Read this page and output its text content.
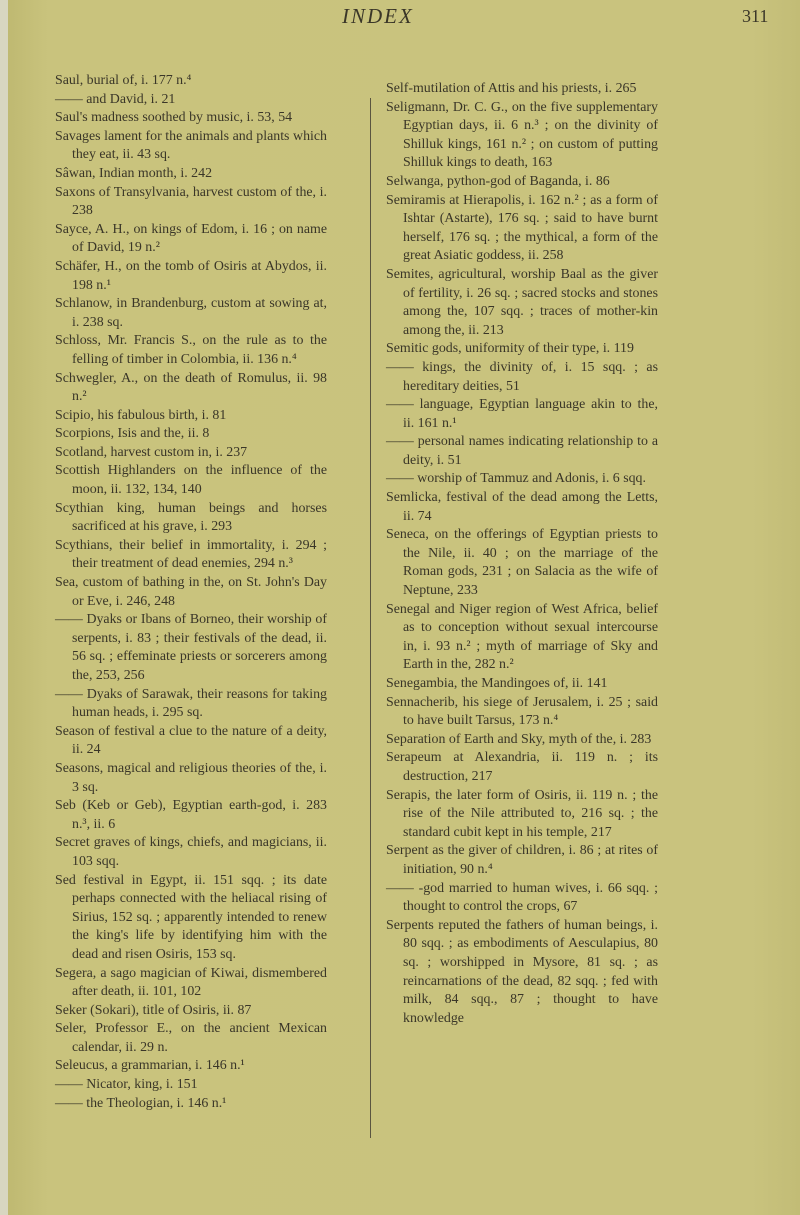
INDEX	311

Saul, burial of, i. 177 n.⁴

—— and David, i. 21

Saul's madness soothed by music, i. 53, 54

Savages lament for the animals and plants which they eat, ii. 43 sq.

Sâwan, Indian month, i. 242

Saxons of Transylvania, harvest custom of the, i. 238

Sayce, A. H., on kings of Edom, i. 16 ; on name of David, 19 n.²

Schäfer, H., on the tomb of Osiris at Abydos, ii. 198 n.¹

Schlanow, in Brandenburg, custom at sowing at, i. 238 sq.

Schloss, Mr. Francis S., on the rule as to the felling of timber in Colombia, ii. 136 n.⁴

Schwegler, A., on the death of Romulus, ii. 98 n.²

Scipio, his fabulous birth, i. 81

Scorpions, Isis and the, ii. 8

Scotland, harvest custom in, i. 237

Scottish Highlanders on the influence of the moon, ii. 132, 134, 140

Scythian king, human beings and horses sacrificed at his grave, i. 293

Scythians, their belief in immortality, i. 294 ; their treatment of dead enemies, 294 n.³

Sea, custom of bathing in the, on St. John's Day or Eve, i. 246, 248

—— Dyaks or Ibans of Borneo, their worship of serpents, i. 83 ; their festivals of the dead, ii. 56 sq. ; effeminate priests or sorcerers among the, 253, 256

—— Dyaks of Sarawak, their reasons for taking human heads, i. 295 sq.

Season of festival a clue to the nature of a deity, ii. 24

Seasons, magical and religious theories of the, i. 3 sq.

Seb (Keb or Geb), Egyptian earth-god, i. 283 n.³, ii. 6

Secret graves of kings, chiefs, and magicians, ii. 103 sqq.

Sed festival in Egypt, ii. 151 sqq. ; its date perhaps connected with the heliacal rising of Sirius, 152 sq. ; apparently intended to renew the king's life by identifying him with the dead and risen Osiris, 153 sq.

Segera, a sago magician of Kiwai, dismembered after death, ii. 101, 102

Seker (Sokari), title of Osiris, ii. 87

Seler, Professor E., on the ancient Mexican calendar, ii. 29 n.

Seleucus, a grammarian, i. 146 n.¹

—— Nicator, king, i. 151

—— the Theologian, i. 146 n.¹

Self-mutilation of Attis and his priests, i. 265

Seligmann, Dr. C. G., on the five supplementary Egyptian days, ii. 6 n.³ ; on the divinity of Shilluk kings, 161 n.² ; on custom of putting Shilluk kings to death, 163

Selwanga, python-god of Baganda, i. 86

Semiramis at Hierapolis, i. 162 n.² ; as a form of Ishtar (Astarte), 176 sq. ; said to have burnt herself, 176 sq. ; the mythical, a form of the great Asiatic goddess, ii. 258

Semites, agricultural, worship Baal as the giver of fertility, i. 26 sq. ; sacred stocks and stones among the, 107 sqq. ; traces of mother-kin among the, ii. 213

Semitic gods, uniformity of their type, i. 119

—— kings, the divinity of, i. 15 sqq. ; as hereditary deities, 51

—— language, Egyptian language akin to the, ii. 161 n.¹

—— personal names indicating relationship to a deity, i. 51

—— worship of Tammuz and Adonis, i. 6 sqq.

Semlicka, festival of the dead among the Letts, ii. 74

Seneca, on the offerings of Egyptian priests to the Nile, ii. 40 ; on the marriage of the Roman gods, 231 ; on Salacia as the wife of Neptune, 233

Senegal and Niger region of West Africa, belief as to conception without sexual intercourse in, i. 93 n.² ; myth of marriage of Sky and Earth in the, 282 n.²

Senegambia, the Mandingoes of, ii. 141

Sennacherib, his siege of Jerusalem, i. 25 ; said to have built Tarsus, 173 n.⁴

Separation of Earth and Sky, myth of the, i. 283

Serapeum at Alexandria, ii. 119 n. ; its destruction, 217

Serapis, the later form of Osiris, ii. 119 n. ; the rise of the Nile attributed to, 216 sq. ; the standard cubit kept in his temple, 217

Serpent as the giver of children, i. 86 ; at rites of initiation, 90 n.⁴

—— -god married to human wives, i. 66 sqq. ; thought to control the crops, 67

Serpents reputed the fathers of human beings, i. 80 sqq. ; as embodiments of Aesculapius, 80 sq. ; worshipped in Mysore, 81 sq. ; as reincarnations of the dead, 82 sqq. ; fed with milk, 84 sqq., 87 ; thought to have knowledge
